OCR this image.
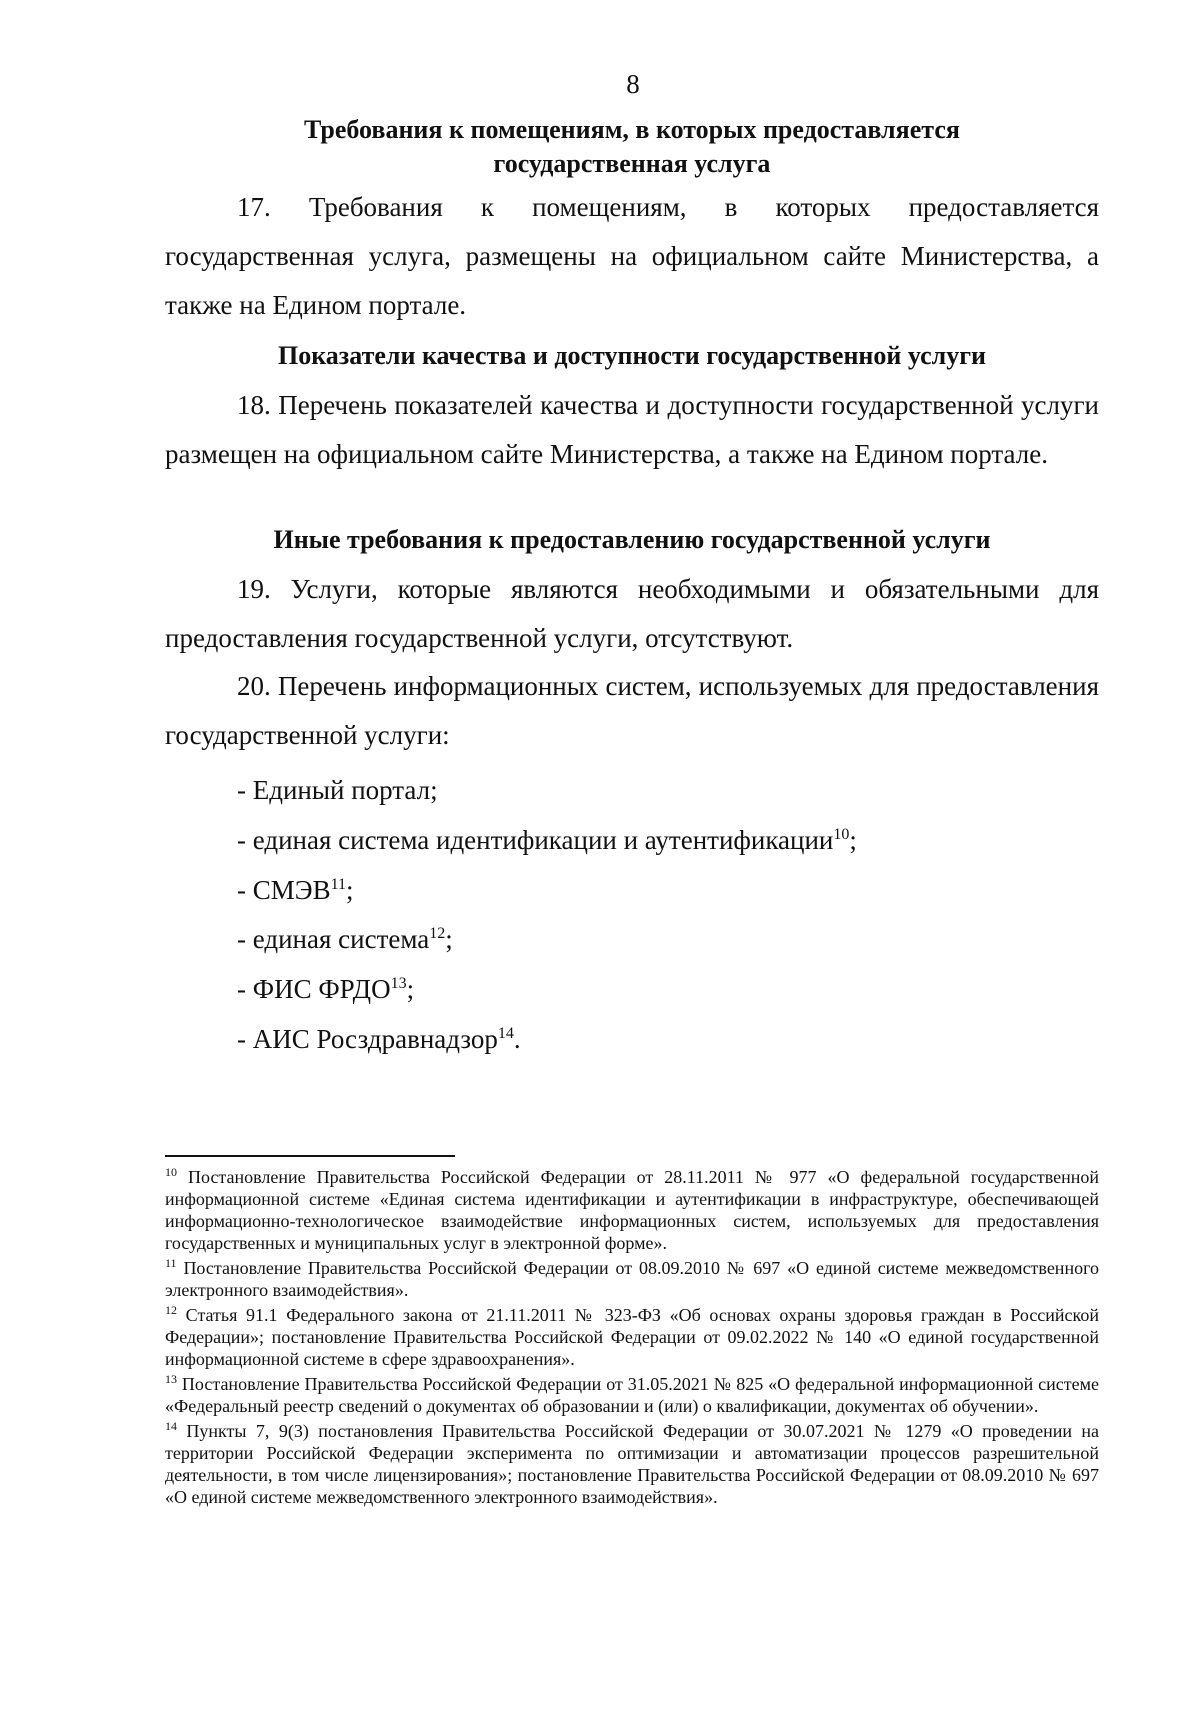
8
Требования к помещениям, в которых предоставляется
государственная услуга

17. Требования к помещениям, в которых предоставляется государственная услуга, размещены на официальном сайте Министерства, а также на Едином портале.

Показатели качества и доступности государственной услуги

18. Перечень показателей качества и доступности государственной услуги размещен на официальном сайте Министерства, а также на Едином портале.

Иные требования к предоставлению государственной услуги

19. Услуги, которые являются необходимыми и обязательными для предоставления государственной услуги, отсутствуют.

20. Перечень информационных систем, используемых для предоставления государственной услуги:

- Единый портал;
- единая система идентификации и аутентификации$^{10}$;
- СМЭВ$^{11}$;
- единая система$^{12}$;
- ФИС ФРДО$^{13}$;
- АИС Росздравнадзор$^{14}$.

$^{10}$ Постановление Правительства Российской Федерации от 28.11.2011 № 977 «О федеральной государственной информационной системе «Единая система идентификации и аутентификации в инфраструктуре, обеспечивающей информационно-технологическое взаимодействие информационных систем, используемых для предоставления государственных и муниципальных услуг в электронной форме».

$^{11}$ Постановление Правительства Российской Федерации от 08.09.2010 № 697 «О единой системе межведомственного электронного взаимодействия».

$^{12}$ Статья 91.1 Федерального закона от 21.11.2011 № 323-ФЗ «Об основах охраны здоровья граждан в Российской Федерации»; постановление Правительства Российской Федерации от 09.02.2022 № 140 «О единой государственной информационной системе в сфере здравоохранения».

$^{13}$ Постановление Правительства Российской Федерации от 31.05.2021 № 825 «О федеральной информационной системе «Федеральный реестр сведений о документах об образовании и (или) о квалификации, документах об обучении».

$^{14}$ Пункты 7, 9(3) постановления Правительства Российской Федерации от 30.07.2021 № 1279 «О проведении на территории Российской Федерации эксперимента по оптимизации и автоматизации процессов разрешительной деятельности, в том числе лицензирования»; постановление Правительства Российской Федерации от 08.09.2010 № 697 «О единой системе межведомственного электронного взаимодействия».
